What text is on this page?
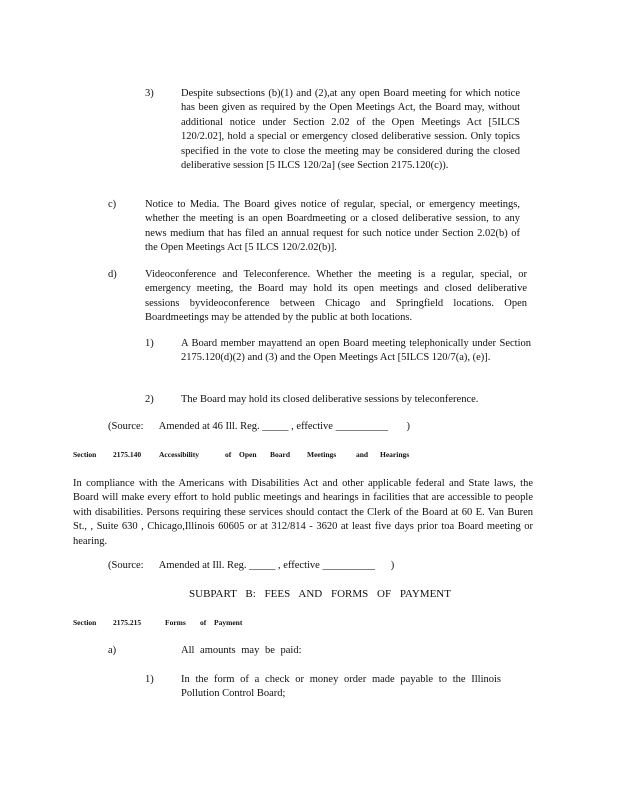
3)	Despite subsections (b)(1) and (2),at any open Board meeting for which notice has been given as required by the Open Meetings Act, the Board may, without additional notice under Section 2.02 of the Open Meetings Act [5ILCS 120/2.02], hold a special or emergency closed deliberative session. Only topics specified in the vote to close the meeting may be considered during the closed deliberative session [5 ILCS 120/2a] (see Section 2175.120(c)).
c)	Notice to Media. The Board gives notice of regular, special, or emergency meetings, whether the meeting is an open Boardmeeting or a closed deliberative session, to any news medium that has filed an annual request for such notice under Section 2.02(b) of the Open Meetings Act [5 ILCS 120/2.02(b)].
d)	Videoconference and Teleconference. Whether the meeting is a regular, special, or emergency meeting, the Board may hold its open meetings and closed deliberative sessions byvideoconference between Chicago and Springfield locations. Open Boardmeetings may be attended by the public at both locations.
1)	A Board member mayattend an open Board meeting telephonically under Section 2175.120(d)(2) and (3) and the Open Meetings Act [5ILCS 120/7(a), (e)].
2)	The Board may hold its closed deliberative sessions by teleconference.
(Source: Amended at 46 Ill. Reg. _____ , effective __________ )
Section 2175.140 Accessibility	of Open Board Meetings	and Hearings
In compliance with the Americans with Disabilities Act and other applicable federal and State laws, the Board will make every effort to hold public meetings and hearings in facilities that are accessible to people with disabilities. Persons requiring these services should contact the Clerk of the Board at 60 E. Van Buren St., , Suite 630 , Chicago,Illinois 60605 or at 312/814 - 3620 at least five days prior toa Board meeting or hearing.
(Source: Amended at Ill. Reg. _____ , effective __________ )
SUBPART B: FEES AND FORMS OF PAYMENT
Section 2175.215	Forms of Payment
a)	All amounts may be paid:
1)	In the form of a check or money order made payable to the Illinois Pollution Control Board;
